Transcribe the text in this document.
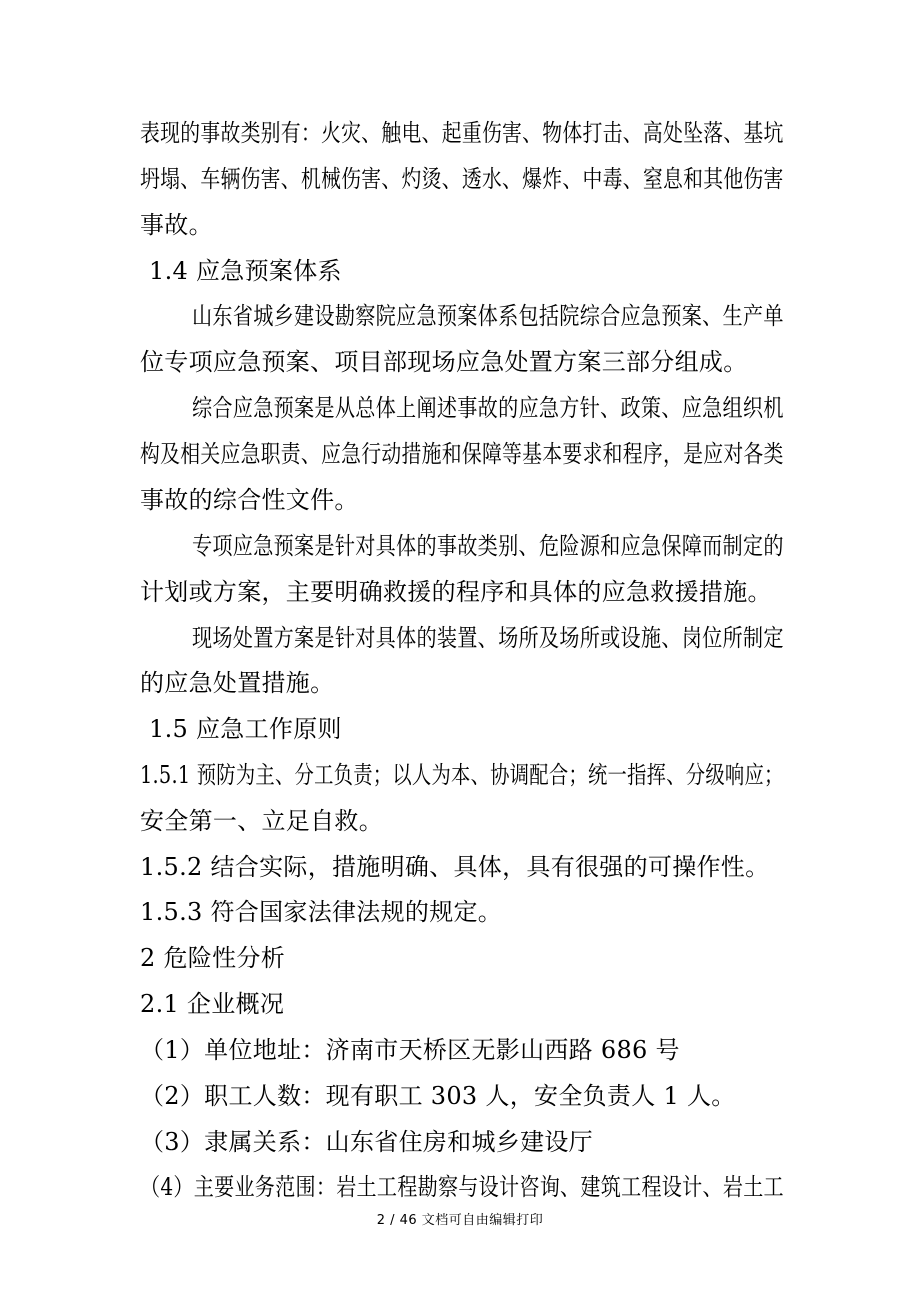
表现的事故类别有：火灾、触电、起重伤害、物体打击、高处坠落、基坑
坍塌、车辆伤害、机械伤害、灼烫、透水、爆炸、中毒、窒息和其他伤害
事故。
1.4 应急预案体系
山东省城乡建设勘察院应急预案体系包括院综合应急预案、生产单
位专项应急预案、项目部现场应急处置方案三部分组成。
综合应急预案是从总体上阐述事故的应急方针、政策、应急组织机
构及相关应急职责、应急行动措施和保障等基本要求和程序，是应对各类
事故的综合性文件。
专项应急预案是针对具体的事故类别、危险源和应急保障而制定的
计划或方案，主要明确救援的程序和具体的应急救援措施。
现场处置方案是针对具体的装置、场所及场所或设施、岗位所制定
的应急处置措施。
1.5 应急工作原则
1.5.1 预防为主、分工负责；以人为本、协调配合；统一指挥、分级响应；
安全第一、立足自救。
1.5.2 结合实际，措施明确、具体，具有很强的可操作性。
1.5.3 符合国家法律法规的规定。
2 危险性分析
2.1 企业概况
（1）单位地址：济南市天桥区无影山西路 686 号
（2）职工人数：现有职工 303 人，安全负责人 1 人。
（3）隶属关系：山东省住房和城乡建设厅
（4）主要业务范围：岩土工程勘察与设计咨询、建筑工程设计、岩土工
2 / 46 文档可自由编辑打印
